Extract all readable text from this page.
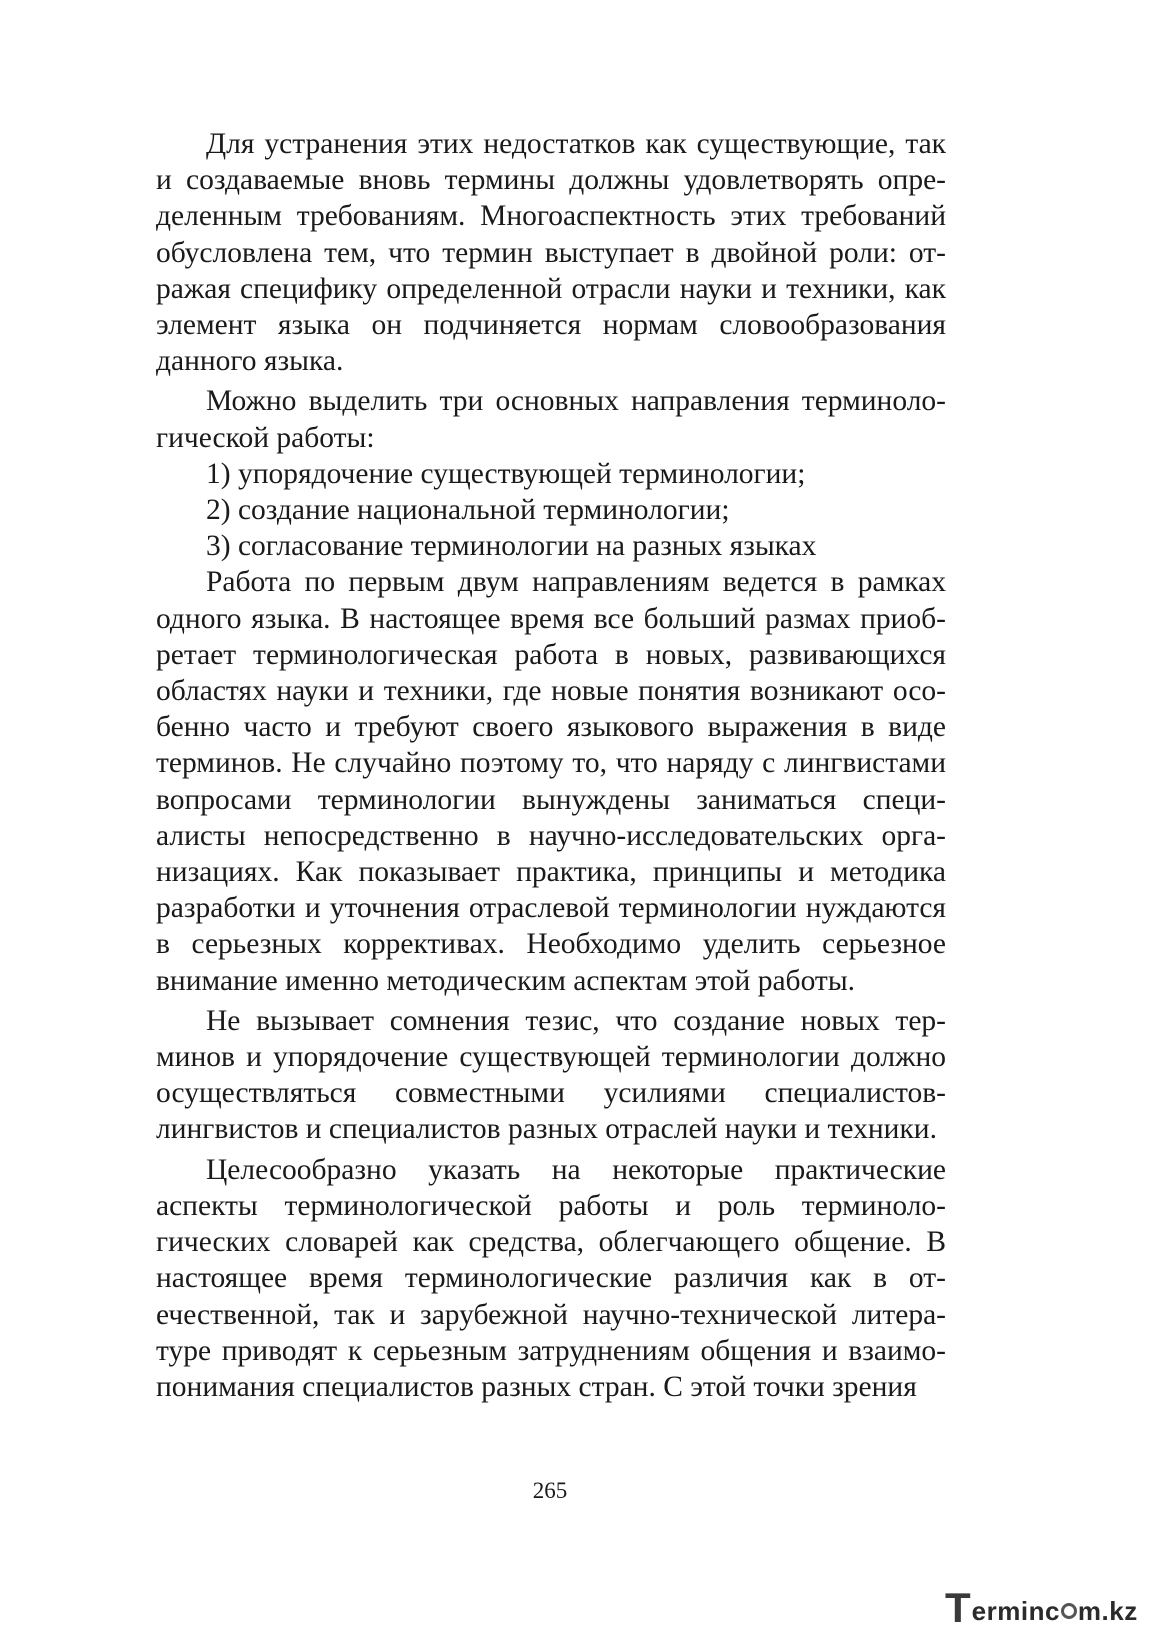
Для устранения этих недостатков как существующие, так и создаваемые вновь термины должны удовлетворять определенным требованиям. Многоаспектность этих требований обусловлена тем, что термин выступает в двойной роли: отражая специфику определенной отрасли науки и техники, как элемент языка он подчиняется нормам словообразования данного языка.

Можно выделить три основных направления терминологической работы:

1) упорядочение существующей терминологии;

2) создание национальной терминологии;

3) согласование терминологии на разных языках

Работа по первым двум направлениям ведется в рамках одного языка. В настоящее время все больший размах приобретает терминологическая работа в новых, развивающихся областях науки и техники, где новые понятия возникают особенно часто и требуют своего языкового выражения в виде терминов. Не случайно поэтому то, что наряду с лингвистами вопросами терминологии вынуждены заниматься специалисты непосредственно в научно-исследовательских организациях. Как показывает практика, принципы и методика разработки и уточнения отраслевой терминологии нуждаются в серьезных коррективах. Необходимо уделить серьезное внимание именно методическим аспектам этой работы.

Не вызывает сомнения тезис, что создание новых терминов и упорядочение существующей терминологии должно осуществляться совместными усилиями специалистов-лингвистов и специалистов разных отраслей науки и техники.

Целесообразно указать на некоторые практические аспекты терминологической работы и роль терминологических словарей как средства, облегчающего общение. В настоящее время терминологические различия как в отечественной, так и зарубежной научно-технической литературе приводят к серьезным затруднениям общения и взаимопонимания специалистов разных стран. С этой точки зрения

265
T erminc m.kz
